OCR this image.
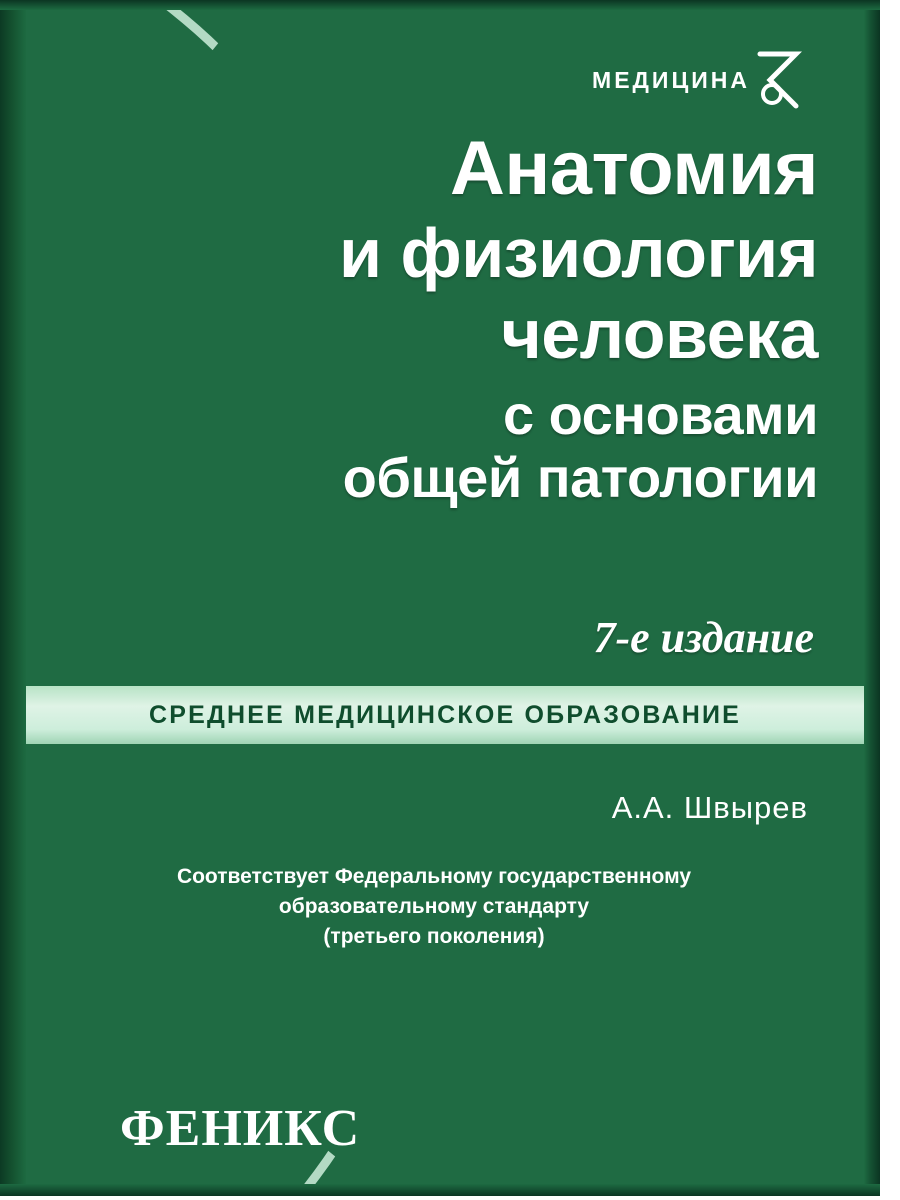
МЕДИЦИНА
Анатомия
и физиология
человека
с основами
общей патологии
7-е издание
СРЕДНЕЕ МЕДИЦИНСКОЕ ОБРАЗОВАНИЕ
А.А. Швырев
Соответствует Федеральному государственному
образовательному стандарту
(третьего поколения)
ФЕНИКС
